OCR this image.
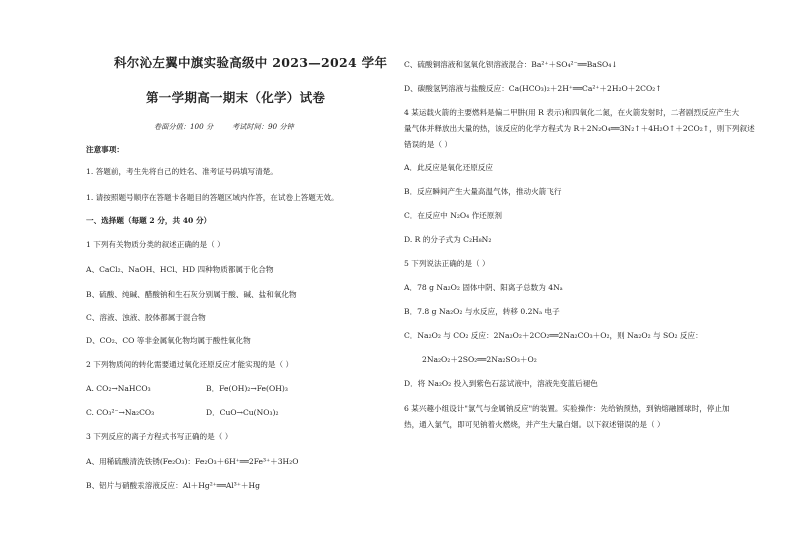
科尔沁左翼中旗实验高级中 2023—2024 学年
第一学期高一期末（化学）试卷
卷面分值：100 分	考试时间：90 分钟
注意事项：
1. 答题前，考生先将自己的姓名、准考证号码填写清楚。
1. 请按照题号顺序在答题卡各题目的答题区域内作答，在试卷上答题无效。
一、选择题（每题 2 分，共 40 分）
1 下列有关物质分类的叙述正确的是（ ）
A、CaCl₂、NaOH、HCl、HD 四种物质都属于化合物
B、硫酸、纯碱、醋酸钠和生石灰分别属于酸、碱、盐和氧化物
C、溶液、浊液、胶体都属于混合物
D、CO₂、CO 等非金属氧化物均属于酸性氧化物
2 下列物质间的转化需要通过氧化还原反应才能实现的是（ ）
A. CO₂→NaHCO₃	B．Fe(OH)₂→Fe(OH)₃
C. CO₃²⁻→Na₂CO₃	D．CuO→Cu(NO₃)₂
3 下列反应的离子方程式书写正确的是（ ）
A、用稀硫酸清洗铁锈(Fe₂O₃)：Fe₂O₃＋6H⁺══2Fe³⁺＋3H₂O
B、铝片与硝酸汞溶液反应：Al＋Hg²⁺══Al³⁺＋Hg
C、硫酸铜溶液和氢氧化钡溶液混合：Ba²⁺＋SO₄²⁻══BaSO₄↓
D、碳酸氢钙溶液与盐酸反应：Ca(HCO₃)₂＋2H⁺══Ca²⁺＋2H₂O＋2CO₂↑
4 某运载火箭的主要燃料是偏二甲肼(用 R 表示)和四氧化二氮，在火箭发射时，二者剧烈反应产生大
量气体并释放出大量的热，该反应的化学方程式为 R＋2N₂O₄══3N₂↑＋4H₂O↑＋2CO₂↑，则下列叙述
错误的是（ ）
A．此反应是氧化还原反应
B．反应瞬间产生大量高温气体，推动火箭飞行
C．在反应中 N₂O₄ 作还原剂
D. R 的分子式为 C₂H₈N₂
5 下列说法正确的是（ ）
A．78 g Na₂O₂ 固体中阴、阳离子总数为 4Nₐ
B．7.8 g Na₂O₂ 与水反应，转移 0.2Nₐ 电子
C．Na₂O₂ 与 CO₂ 反应：2Na₂O₂＋2CO₂══2Na₂CO₃＋O₂，则 Na₂O₂ 与 SO₂ 反应：
2Na₂O₂＋2SO₂══2Na₂SO₃＋O₂
D．将 Na₂O₂ 投入到紫色石蕊试液中，溶液先变蓝后褪色
6 某兴趣小组设计"氯气与金属钠反应"的装置。实验操作：先给钠预热，到钠熔融圆球时，停止加
热，通入氯气，即可见钠着火燃烧，并产生大量白烟。以下叙述错误的是（ ）
